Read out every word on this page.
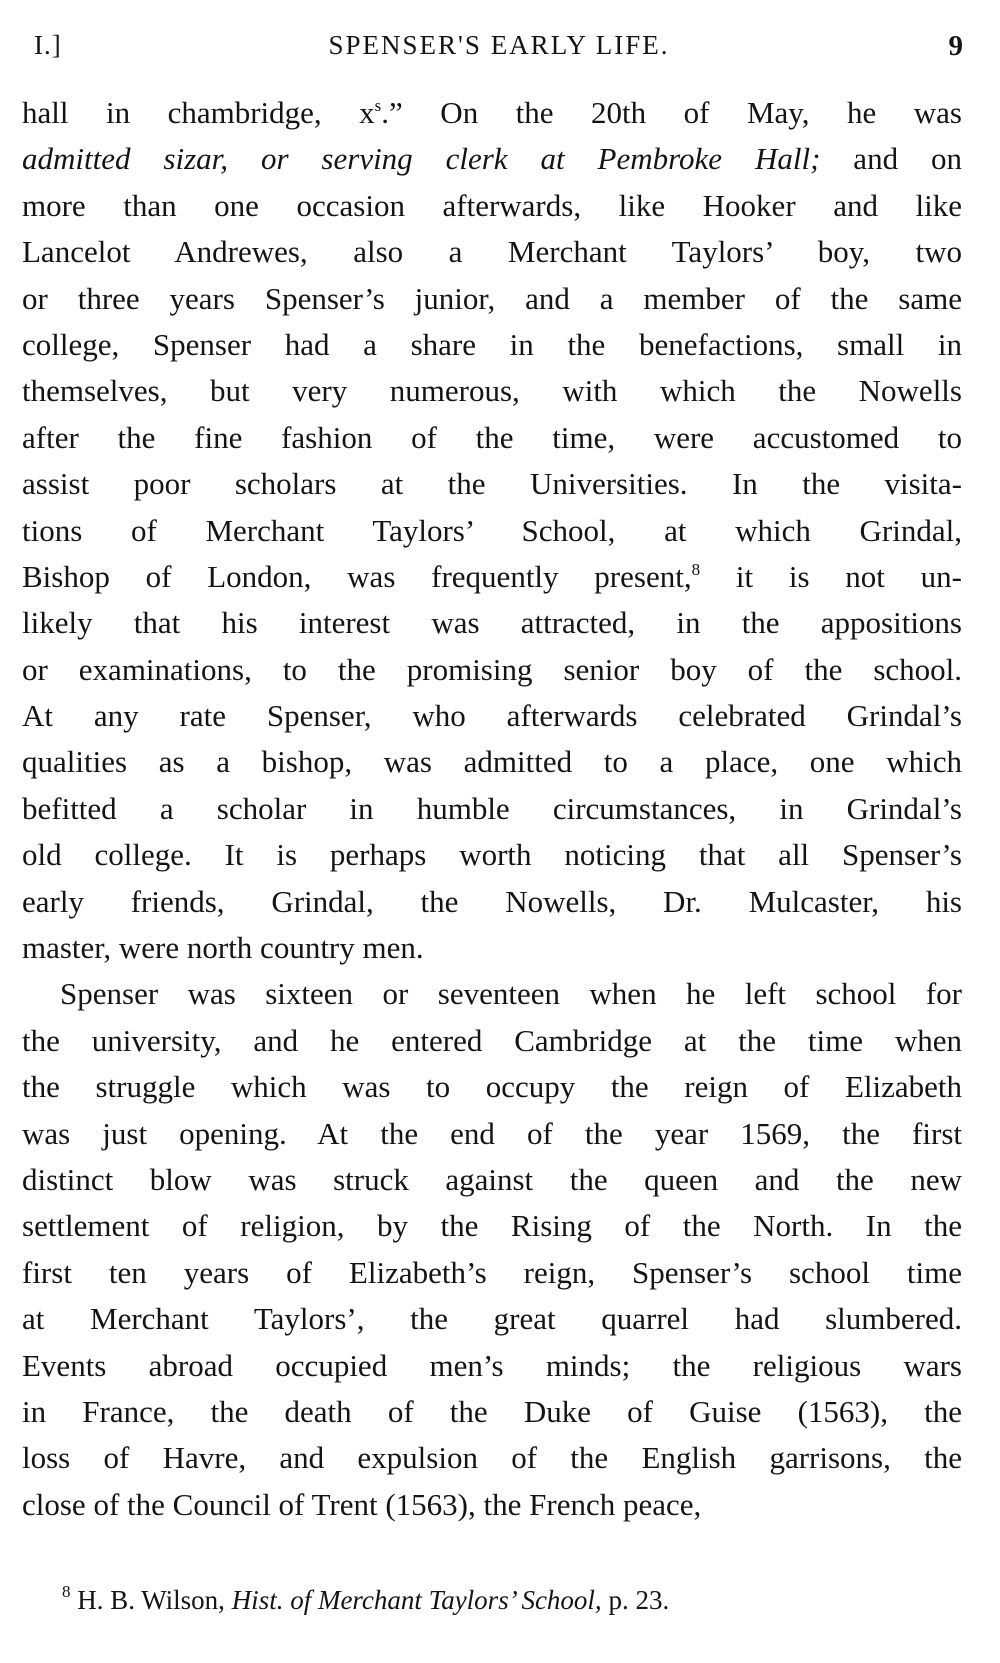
I.]	SPENSER'S EARLY LIFE.	9
hall in chambridge, $x^s$.” On the 20th of May, he was
admitted sizar, or serving clerk at Pembroke Hall; and on
more than one occasion afterwards, like Hooker and like
Lancelot Andrewes, also a Merchant Taylors’ boy, two
or three years Spenser’s junior, and a member of the same
college, Spenser had a share in the benefactions, small in
themselves, but very numerous, with which the Nowells
after the fine fashion of the time, were accustomed to
assist poor scholars at the Universities. In the visita-
tions of Merchant Taylors’ School, at which Grindal,
Bishop of London, was frequently present,$^8$ it is not un-
likely that his interest was attracted, in the appositions
or examinations, to the promising senior boy of the school.
At any rate Spenser, who afterwards celebrated Grindal’s
qualities as a bishop, was admitted to a place, one which
befitted a scholar in humble circumstances, in Grindal’s
old college. It is perhaps worth noticing that all Spenser’s
early friends, Grindal, the Nowells, Dr. Mulcaster, his
master, were north country men.
Spenser was sixteen or seventeen when he left school for
the university, and he entered Cambridge at the time when
the struggle which was to occupy the reign of Elizabeth
was just opening. At the end of the year 1569, the first
distinct blow was struck against the queen and the new
settlement of religion, by the Rising of the North. In the
first ten years of Elizabeth’s reign, Spenser’s school time
at Merchant Taylors’, the great quarrel had slumbered.
Events abroad occupied men’s minds; the religious wars
in France, the death of the Duke of Guise (1563), the
loss of Havre, and expulsion of the English garrisons, the
close of the Council of Trent (1563), the French peace,
$^8$ H. B. Wilson, Hist. of Merchant Taylors’ School, p. 23.
